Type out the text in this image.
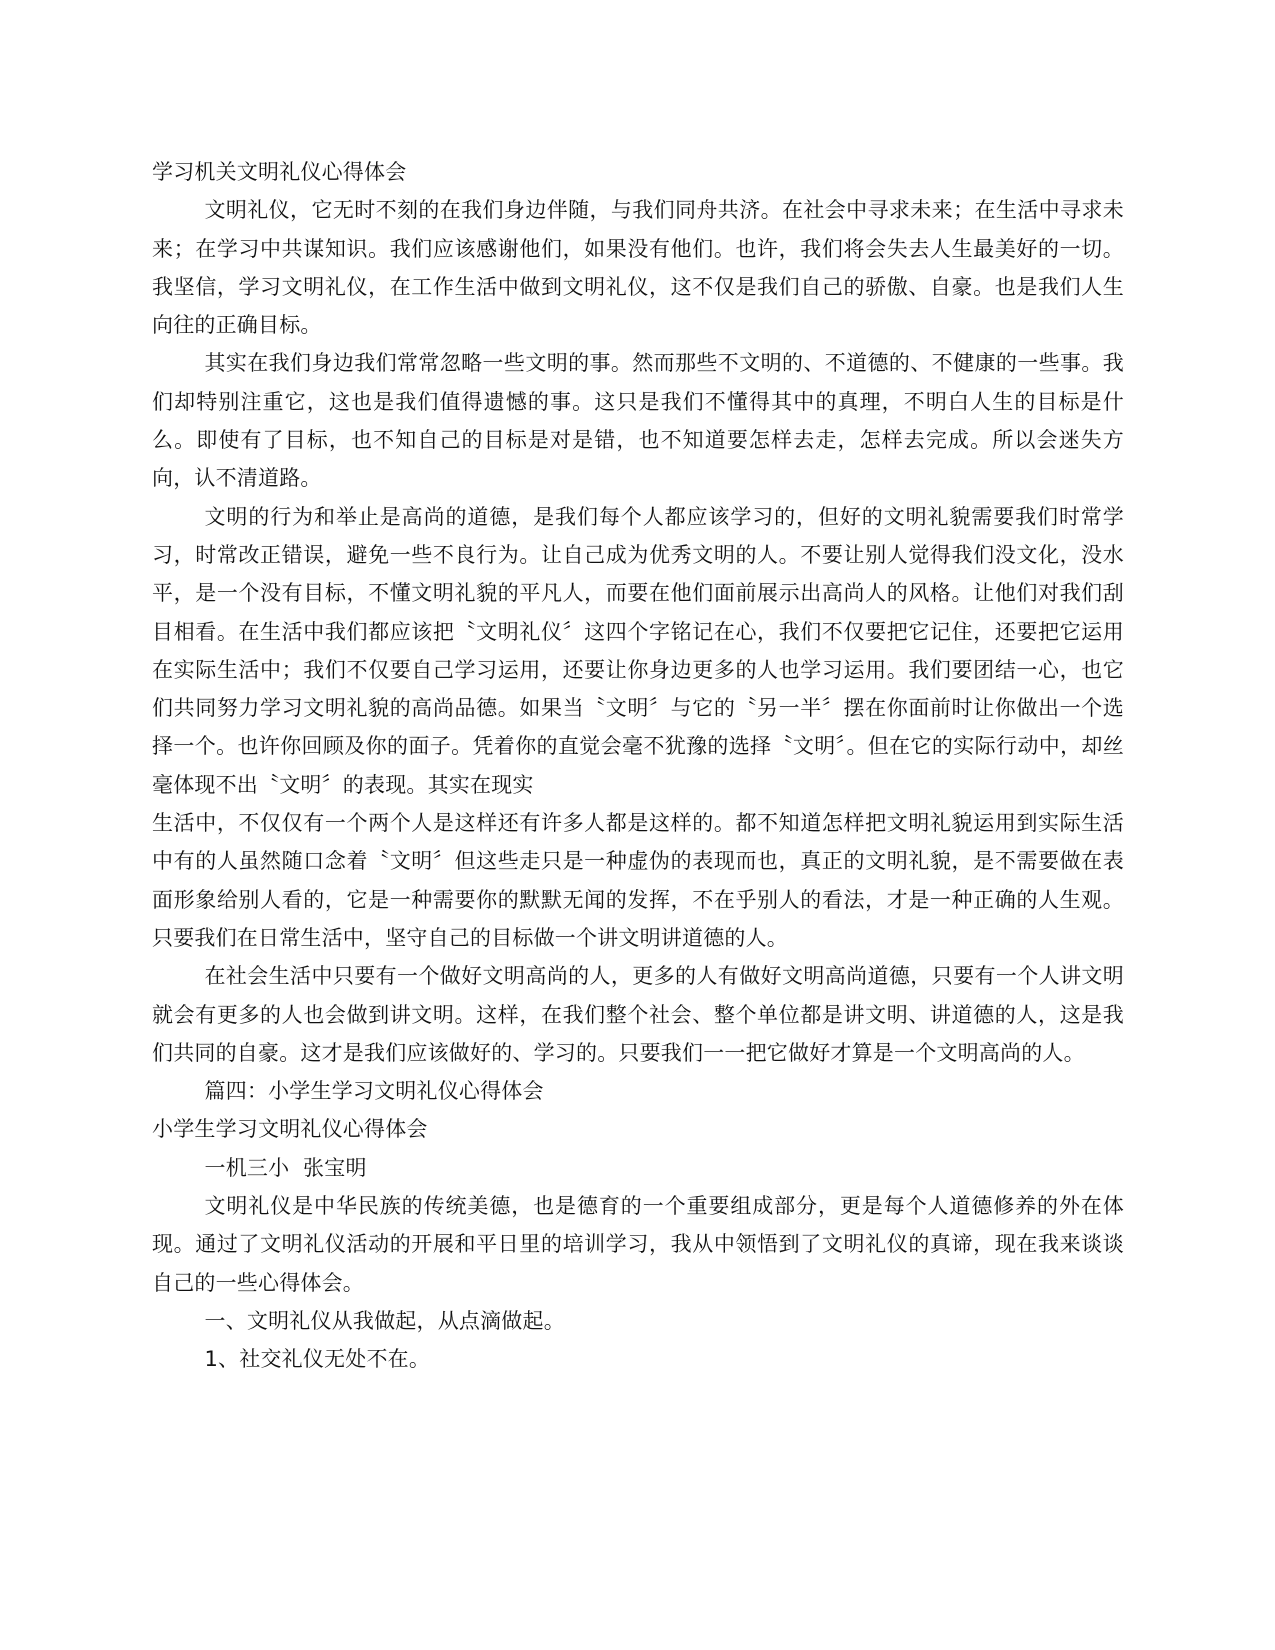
学习机关文明礼仪心得体会

文明礼仪，它无时不刻的在我们身边伴随，与我们同舟共济。在社会中寻求未来；在生活中寻求未来；在学习中共谋知识。我们应该感谢他们，如果没有他们。也许，我们将会失去人生最美好的一切。我坚信，学习文明礼仪，在工作生活中做到文明礼仪，这不仅是我们自己的骄傲、自豪。也是我们人生向往的正确目标。

其实在我们身边我们常常忽略一些文明的事。然而那些不文明的、不道德的、不健康的一些事。我们却特别注重它，这也是我们值得遗憾的事。这只是我们不懂得其中的真理，不明白人生的目标是什么。即使有了目标，也不知自己的目标是对是错，也不知道要怎样去走，怎样去完成。所以会迷失方向，认不清道路。

文明的行为和举止是高尚的道德，是我们每个人都应该学习的，但好的文明礼貌需要我们时常学习，时常改正错误，避免一些不良行为。让自己成为优秀文明的人。不要让别人觉得我们没文化，没水平，是一个没有目标，不懂文明礼貌的平凡人，而要在他们面前展示出高尚人的风格。让他们对我们刮目相看。在生活中我们都应该把〝文明礼仪〞这四个字铭记在心，我们不仅要把它记住，还要把它运用在实际生活中；我们不仅要自己学习运用，还要让你身边更多的人也学习运用。我们要团结一心，也它们共同努力学习文明礼貌的高尚品德。如果当〝文明〞与它的〝另一半〞摆在你面前时让你做出一个选择一个。也许你回顾及你的面子。凭着你的直觉会毫不犹豫的选择〝文明〞。但在它的实际行动中，却丝毫体现不出〝文明〞的表现。其实在现实

生活中，不仅仅有一个两个人是这样还有许多人都是这样的。都不知道怎样把文明礼貌运用到实际生活中有的人虽然随口念着〝文明〞但这些走只是一种虚伪的表现而也，真正的文明礼貌，是不需要做在表面形象给别人看的，它是一种需要你的默默无闻的发挥，不在乎别人的看法，才是一种正确的人生观。只要我们在日常生活中，坚守自己的目标做一个讲文明讲道德的人。

在社会生活中只要有一个做好文明高尚的人，更多的人有做好文明高尚道德，只要有一个人讲文明就会有更多的人也会做到讲文明。这样，在我们整个社会、整个单位都是讲文明、讲道德的人，这是我们共同的自豪。这才是我们应该做好的、学习的。只要我们一一把它做好才算是一个文明高尚的人。

篇四：小学生学习文明礼仪心得体会

小学生学习文明礼仪心得体会

一机三小  张宝明

文明礼仪是中华民族的传统美德，也是德育的一个重要组成部分，更是每个人道德修养的外在体现。通过了文明礼仪活动的开展和平日里的培训学习，我从中领悟到了文明礼仪的真谛，现在我来谈谈自己的一些心得体会。

一、文明礼仪从我做起，从点滴做起。

1、社交礼仪无处不在。
